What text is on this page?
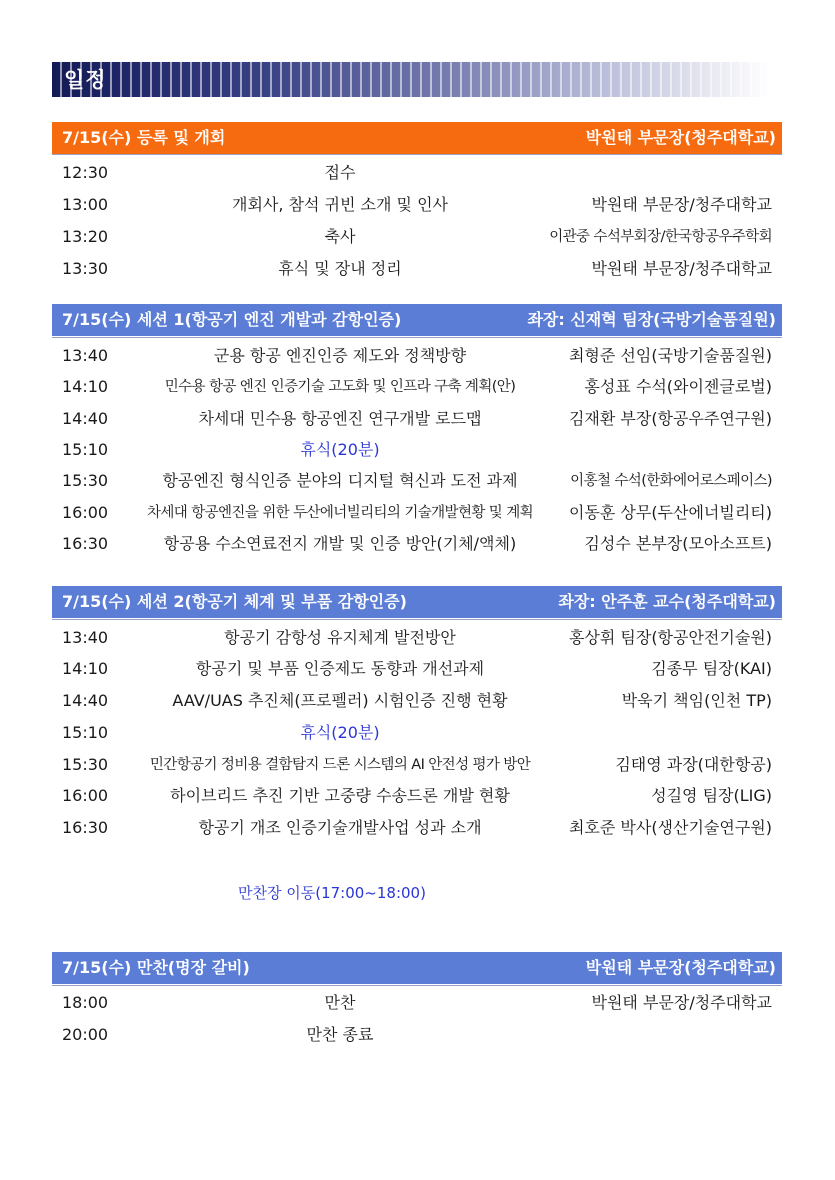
일정
7/15(수) 등록 및 개회	박원태 부문장(청주대학교)
12:30	접수
13:00	개회사, 참석 귀빈 소개 및 인사	박원태 부문장/청주대학교
13:20	축사	이관중 수석부회장/한국항공우주학회
13:30	휴식 및 장내 정리	박원태 부문장/청주대학교
7/15(수) 세션 1(항공기 엔진 개발과 감항인증)	좌장: 신재혁 팀장(국방기술품질원)
13:40	군용 항공 엔진인증 제도와 정책방향	최형준 선임(국방기술품질원)
14:10	민수용 항공 엔진 인증기술 고도화 및 인프라 구축 계획(안)	홍성표 수석(와이젠글로벌)
14:40	차세대 민수용 항공엔진 연구개발 로드맵	김재환 부장(항공우주연구원)
15:10	휴식(20분)
15:30	항공엔진 형식인증 분야의 디지털 혁신과 도전 과제	이홍철 수석(한화에어로스페이스)
16:00	차세대 항공엔진을 위한 두산에너빌리티의 기술개발현황 및 계획	이동훈 상무(두산에너빌리티)
16:30	항공용 수소연료전지 개발 및 인증 방안(기체/액체)	김성수 본부장(모아소프트)
7/15(수) 세션 2(항공기 체계 및 부품 감항인증)	좌장: 안주훈 교수(청주대학교)
13:40	항공기 감항성 유지체계 발전방안	홍상휘 팀장(항공안전기술원)
14:10	항공기 및 부품 인증제도 동향과 개선과제	김종무 팀장(KAI)
14:40	AAV/UAS 추진체(프로펠러) 시험인증 진행 현황	박욱기 책임(인천 TP)
15:10	휴식(20분)
15:30	민간항공기 정비용 결함탐지 드론 시스템의 AI 안전성 평가 방안	김태영 과장(대한항공)
16:00	하이브리드 추진 기반 고중량 수송드론 개발 현황	성길영 팀장(LIG)
16:30	항공기 개조 인증기술개발사업 성과 소개	최호준 박사(생산기술연구원)
만찬장 이동(17:00~18:00)
7/15(수) 만찬(명장 갈비)	박원태 부문장(청주대학교)
18:00	만찬	박원태 부문장/청주대학교
20:00	만찬 종료
